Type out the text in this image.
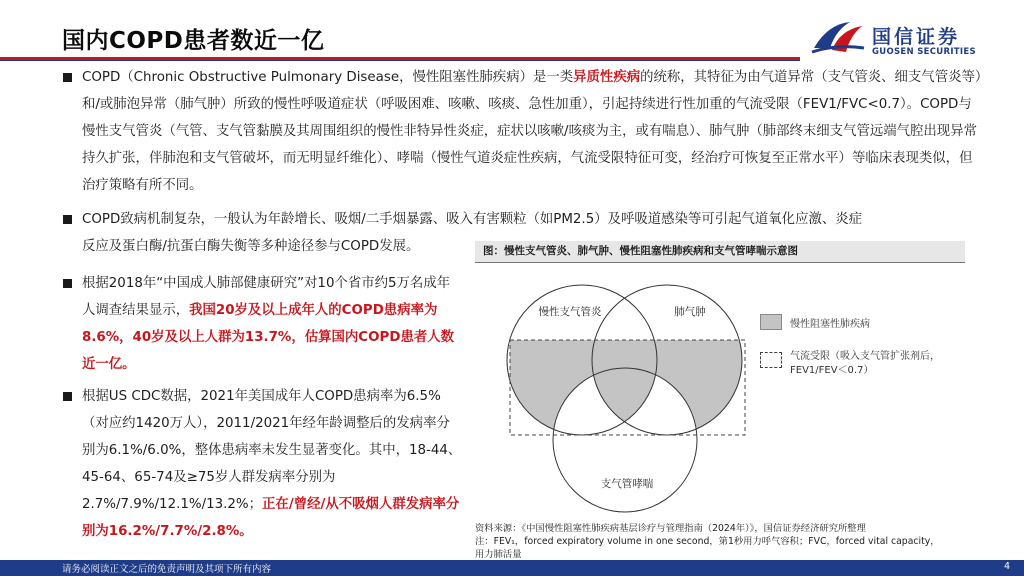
国内COPD患者数近一亿	国信证券
GUOSEN SECURITIES
COPD（Chronic Obstructive Pulmonary Disease，慢性阻塞性肺疾病）是一类异质性疾病的统称，其特征为由气道异常（支气管炎、细支气管炎等）和/或肺泡异常（肺气肿）所致的慢性呼吸道症状（呼吸困难、咳嗽、咳痰、急性加重），引起持续进行性加重的气流受限（FEV1/FVC<0.7）。COPD与慢性支气管炎（气管、支气管黏膜及其周围组织的慢性非特异性炎症，症状以咳嗽/咳痰为主，或有喘息）、肺气肿（肺部终末细支气管远端气腔出现异常持久扩张，伴肺泡和支气管破坏，而无明显纤维化）、哮喘（慢性气道炎症性疾病，气流受限特征可变，经治疗可恢复至正常水平）等临床表现类似，但治疗策略有所不同。
COPD致病机制复杂，一般认为年龄增长、吸烟/二手烟暴露、吸入有害颗粒（如PM2.5）及呼吸道感染等可引起气道氧化应激、炎症
反应及蛋白酶/抗蛋白酶失衡等多种途径参与COPD发展。
根据2018年“中国成人肺部健康研究”对10个省市约5万名成年人调查结果显示，我国20岁及以上成年人的COPD患病率为8.6%，40岁及以上人群为13.7%，估算国内COPD患者人数近一亿。
根据US CDC数据，2021年美国成年人COPD患病率为6.5%（对应约1420万人），2011/2021年经年龄调整后的发病率分别为6.1%/6.0%，整体患病率未发生显著变化。其中，18-44、45-64、65-74及≥75岁人群发病率分别为2.7%/7.9%/12.1%/13.2%；正在/曾经/从不吸烟人群发病率分别为16.2%/7.7%/2.8%。
图：慢性支气管炎、肺气肿、慢性阻塞性肺疾病和支气管哮喘示意图
慢性支气管炎	肺气肿
支气管哮喘
慢性阻塞性肺疾病
气流受限（吸入支气管扩张剂后，FEV1/FEV＜0.7）
资料来源：《中国慢性阻塞性肺疾病基层诊疗与管理指南（2024年）》，国信证券经济研究所整理
注：FEV₁，forced expiratory volume in one second，第1秒用力呼气容积；FVC，forced vital capacity，
用力肺活量
请务必阅读正文之后的免责声明及其项下所有内容	4
